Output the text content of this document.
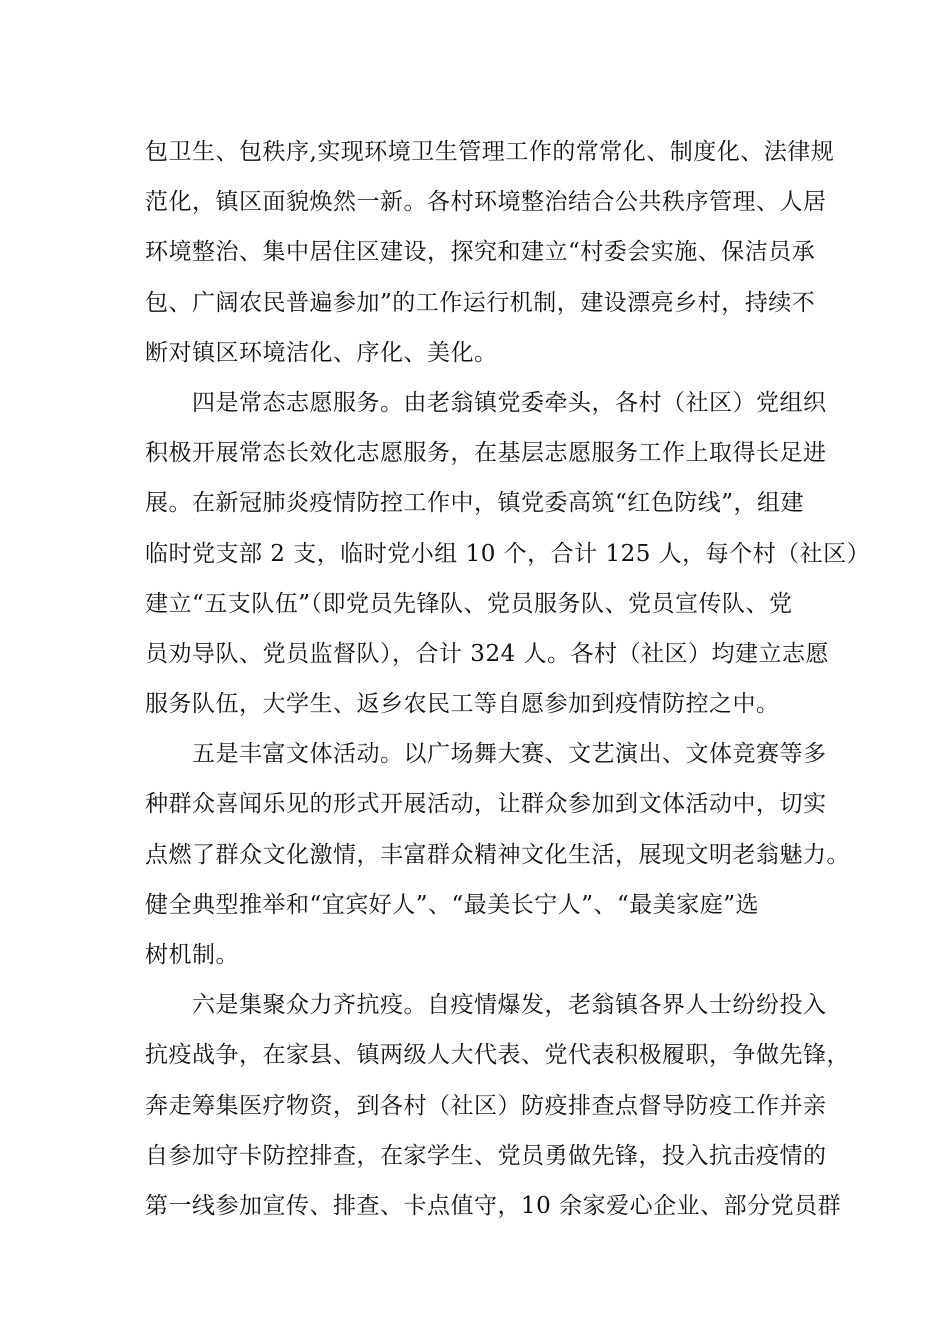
包卫生、包秩序,实现环境卫生管理工作的常常化、制度化、法律规
范化，镇区面貌焕然一新。各村环境整治结合公共秩序管理、人居
环境整治、集中居住区建设，探究和建立“村委会实施、保洁员承
包、广阔农民普遍参加”的工作运行机制，建设漂亮乡村，持续不
断对镇区环境洁化、序化、美化。
四是常态志愿服务。由老翁镇党委牵头，各村（社区）党组织
积极开展常态长效化志愿服务，在基层志愿服务工作上取得长足进
展。在新冠肺炎疫情防控工作中，镇党委高筑“红色防线”，组建
临时党支部 2 支，临时党小组 10 个，合计 125 人，每个村（社区）
建立“五支队伍”（即党员先锋队、党员服务队、党员宣传队、党
员劝导队、党员监督队），合计 324 人。各村（社区）均建立志愿
服务队伍，大学生、返乡农民工等自愿参加到疫情防控之中。
五是丰富文体活动。以广场舞大赛、文艺演出、文体竞赛等多
种群众喜闻乐见的形式开展活动，让群众参加到文体活动中，切实
点燃了群众文化激情，丰富群众精神文化生活，展现文明老翁魅力。
健全典型推举和“宜宾好人”、“最美长宁人”、“最美家庭”选
树机制。
六是集聚众力齐抗疫。自疫情爆发，老翁镇各界人士纷纷投入
抗疫战争，在家县、镇两级人大代表、党代表积极履职，争做先锋，
奔走筹集医疗物资，到各村（社区）防疫排查点督导防疫工作并亲
自参加守卡防控排查，在家学生、党员勇做先锋，投入抗击疫情的
第一线参加宣传、排查、卡点值守，10 余家爱心企业、部分党员群
